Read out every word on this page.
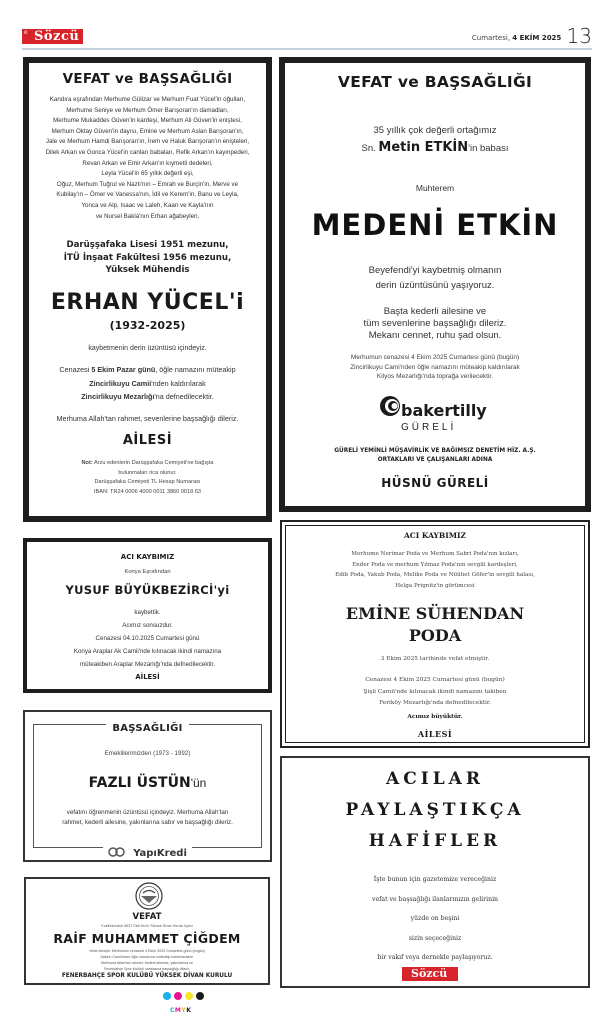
e Sözcü	Cumartesi, 4 EKİM 2025 13
VEFAT ve BAŞSAĞLIĞI
Kandıra eşrafından Merhume Gülizar ve Merhum Fuat Yücel'in oğulları,
Merhume Seniye ve Merhum Ömer Barışoran'ın damadları,
Merhume Mukaddes Güven'in kardeşi, Merhum Ali Güven'in eniştesi,
Merhum Oktay Güven'in dayısı, Emine ve Merhum Aslan Barışoran'ın,
Jale ve Merhum Hamdi Barışoran'ın, İrem ve Haluk Barışoran'ın enişteleri,
Dilek Arkan ve Gonca Yücel'in canları babaları, Refik Arkan'ın kayınpederi,
Revan Arkan ve Emir Arkan'ın kıymetli dedeleri,
Leyla Yücel'in 65 yıllık değerli eşi,
Oğuz, Merhum Tuğrul ve Nazlı'nın – Emrah ve Burçin'in, Merve ve
Kubilay'ın – Ömer ve Vanessa'nın, İdil ve Kerem'in, Banu ve Leyla,
Yonca ve Alp, Isaac ve Laleh, Kaan ve Kayla'nın
ve Nursel Bakla'nın Erhan ağabeyleri,
Darüşşafaka Lisesi 1951 mezunu,
İTÜ İnşaat Fakültesi 1956 mezunu,
Yüksek Mühendis
ERHAN YÜCEL'i
(1932-2025)
kaybetmenin derin üzüntüsü içindeyiz.
Cenazesi 5 Ekim Pazar günü, öğle namazını müteakip
Zincirlikuyu Camii'nden kaldırılarak
Zincirlikuyu Mezarlığı'na defnedilecektir.
Merhuma Allah'tan rahmet, sevenlerine başsağlığı dileriz.
AİLESİ
Not: Arzu edenlerin Darüşşafaka Cemiyeti'ne bağışta
bulunmaları rica olunur.
Darüşşafaka Cemiyeti TL Hesap Numarası
IBAN: TR24 0006 4000 0011 3860 0018 63
VEFAT ve BAŞSAĞLIĞI
35 yıllık çok değerli ortağımız
Sn. Metin ETKİN'in babası
Muhterem
MEDENİ ETKİN
Beyefendi'yi kaybetmiş olmanın
derin üzüntüsünü yaşıyoruz.
Başta kederli ailesine ve
tüm sevenlerine başsağlığı dileriz.
Mekanı cennet, ruhu şad olsun.
Merhumun cenazesi 4 Ekim 2025 Cumartesi günü (bugün)
Zincirlikuyu Cami'nden öğle namazını müteakip kaldırılarak
Kilyos Mezarlığı'nda toprağa verilecektir.
bakertilly
GÜRELİ
GÜRELİ YEMİNLİ MÜŞAVİRLİK VE BAĞIMSIZ DENETİM HİZ. A.Ş.
ORTAKLARI VE ÇALIŞANLARI ADINA
HÜSNÜ GÜRELİ
ACI KAYBIMIZ
Konya Eşrafından
YUSUF BÜYÜKBEZİRCİ'yi
kaybettik.
Acımız sonsuzdur.
Cenazesi 04.10.2025 Cumartesi günü
Konya Araplar Ak Camii'nde kılınacak ikindi namazına
müteakiben Araplar Mezarlığı'nda defnedilecektir.
AİLESİ
ACI KAYBIMIZ
Merhume Nerimar Poda ve Merhum Sabri Poda'nın kızları,
Ender Poda ve merhum Yılmaz Poda'nın sevgili kardeşleri,
Edib Poda, Yakub Poda, Melike Poda ve Nilühet Göfer'in sevgili halası,
Helga Prignitz'in görümcesi
EMİNE SÜHENDAN
PODA
3 Ekim 2025 tarihinde vefat etmiştir.
Cenazesi 4 Ekim 2025 Cumartesi günü (bugün)
Şişli Camii'nde kılınacak ikindi namazını takiben
Feriköy Mezarlığı'nda defnedilecektir.
Acımız büyüktür.
AİLESİ
BAŞSAĞLIĞI
Emeklilerimizden (1973 - 1992)
FAZLI ÜSTÜN'ün
vefatını öğrenmenin üzüntüsü içindeyiz. Merhuma Allah'tan
rahmet, kederli ailesine, yakınlarına sabır ve başsağlığı dileriz.
YapıKredi
ACILAR
PAYLAŞTIKÇA
HAFİFLER
İşte bunun için gazetemize vereceğiniz
vefat ve başsağlığı ilanlarınızın gelirinin
yüzde on beşini
sizin seçeceğiniz
bir vakıf veya dernekle paylaşıyoruz.
Sözcü
VEFAT
Kulübümüzün 8637 Sicil No'lu Yüksek Divan Kurulu üyesi
RAİF MUHAMMET ÇİĞDEM
Vefat etmiştir. Merhumun cenazesi 4 Ekim 2025 Cumartesi günü (bugün)
Şakirin Camii'nden öğle namazına müteakip kaldırılacaktır.
Merhuma Allah'tan rahmet, kederli ailesine, yakınlarına ve
Fenerbahçe Spor Kulübü camiasına başsağlığı dileriz.
FENERBAHÇE SPOR KULÜBÜ YÜKSEK DİVAN KURULU
CMYK
